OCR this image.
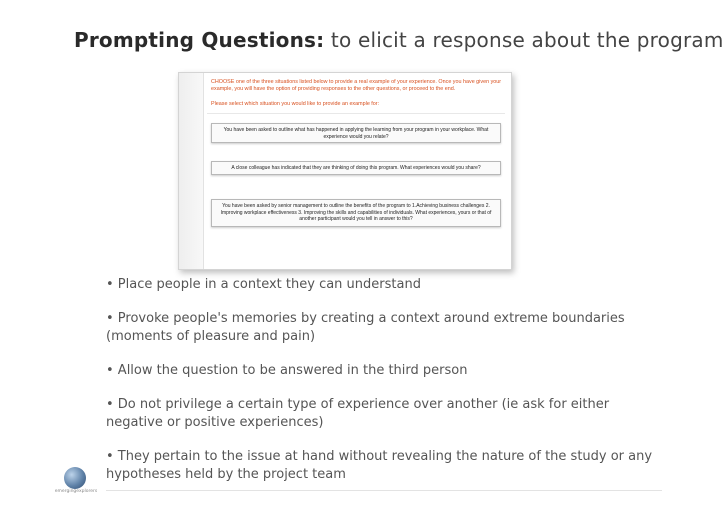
Prompting Questions: to elicit a response about the program
CHOOSE one of the three situations listed below to provide a real example of your experience. Once you have given your example, you will have the option of providing responses to the other questions, or proceed to the end.
Please select which situation you would like to provide an example for:
You have been asked to outline what has happened in applying the learning from your program in your workplace. What experience would you relate?
A close colleague has indicated that they are thinking of doing this program. What experiences would you share?
You have been asked by senior management to outline the benefits of the program to 1.Achieving business challenges 2. Improving workplace effectiveness 3. Improving the skills and capabilities of individuals. What experiences, yours or that of another participant would you tell in answer to this?
• Place people in a context they can understand
• Provoke people's memories by creating a context around extreme boundaries (moments of pleasure and pain)
• Allow the question to be answered in the third person
• Do not privilege a certain type of experience over another (ie ask for either negative or positive experiences)
• They pertain to the issue at hand without revealing the nature of the study or any hypotheses held by the project team
emergingexplorers
